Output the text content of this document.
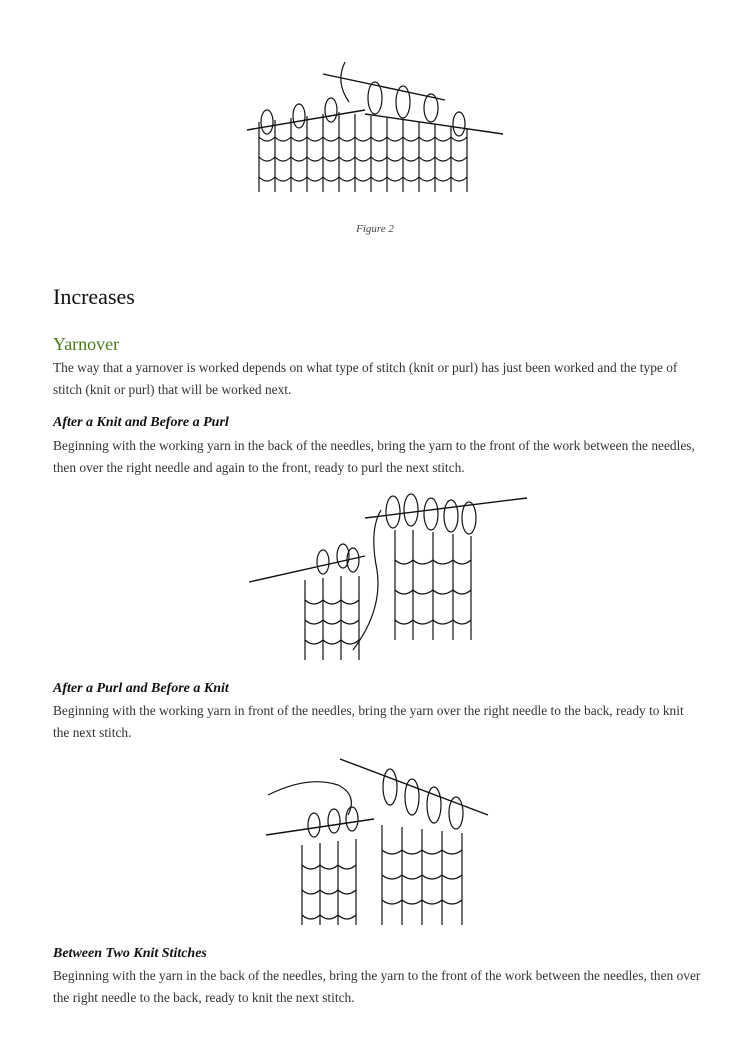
Figure 2
Increases
Yarnover

The way that a yarnover is worked depends on what type of stitch (knit or purl) has just been worked and the type of stitch (knit or purl) that will be worked next.

After a Knit and Before a Purl

Beginning with the working yarn in the back of the needles, bring the yarn to the front of the work between the needles, then over the right needle and again to the front, ready to purl the next stitch.

After a Purl and Before a Knit

Beginning with the working yarn in front of the needles, bring the yarn over the right needle to the back, ready to knit the next stitch.

Between Two Knit Stitches

Beginning with the yarn in the back of the needles, bring the yarn to the front of the work between the needles, then over the right needle to the back, ready to knit the next stitch.
